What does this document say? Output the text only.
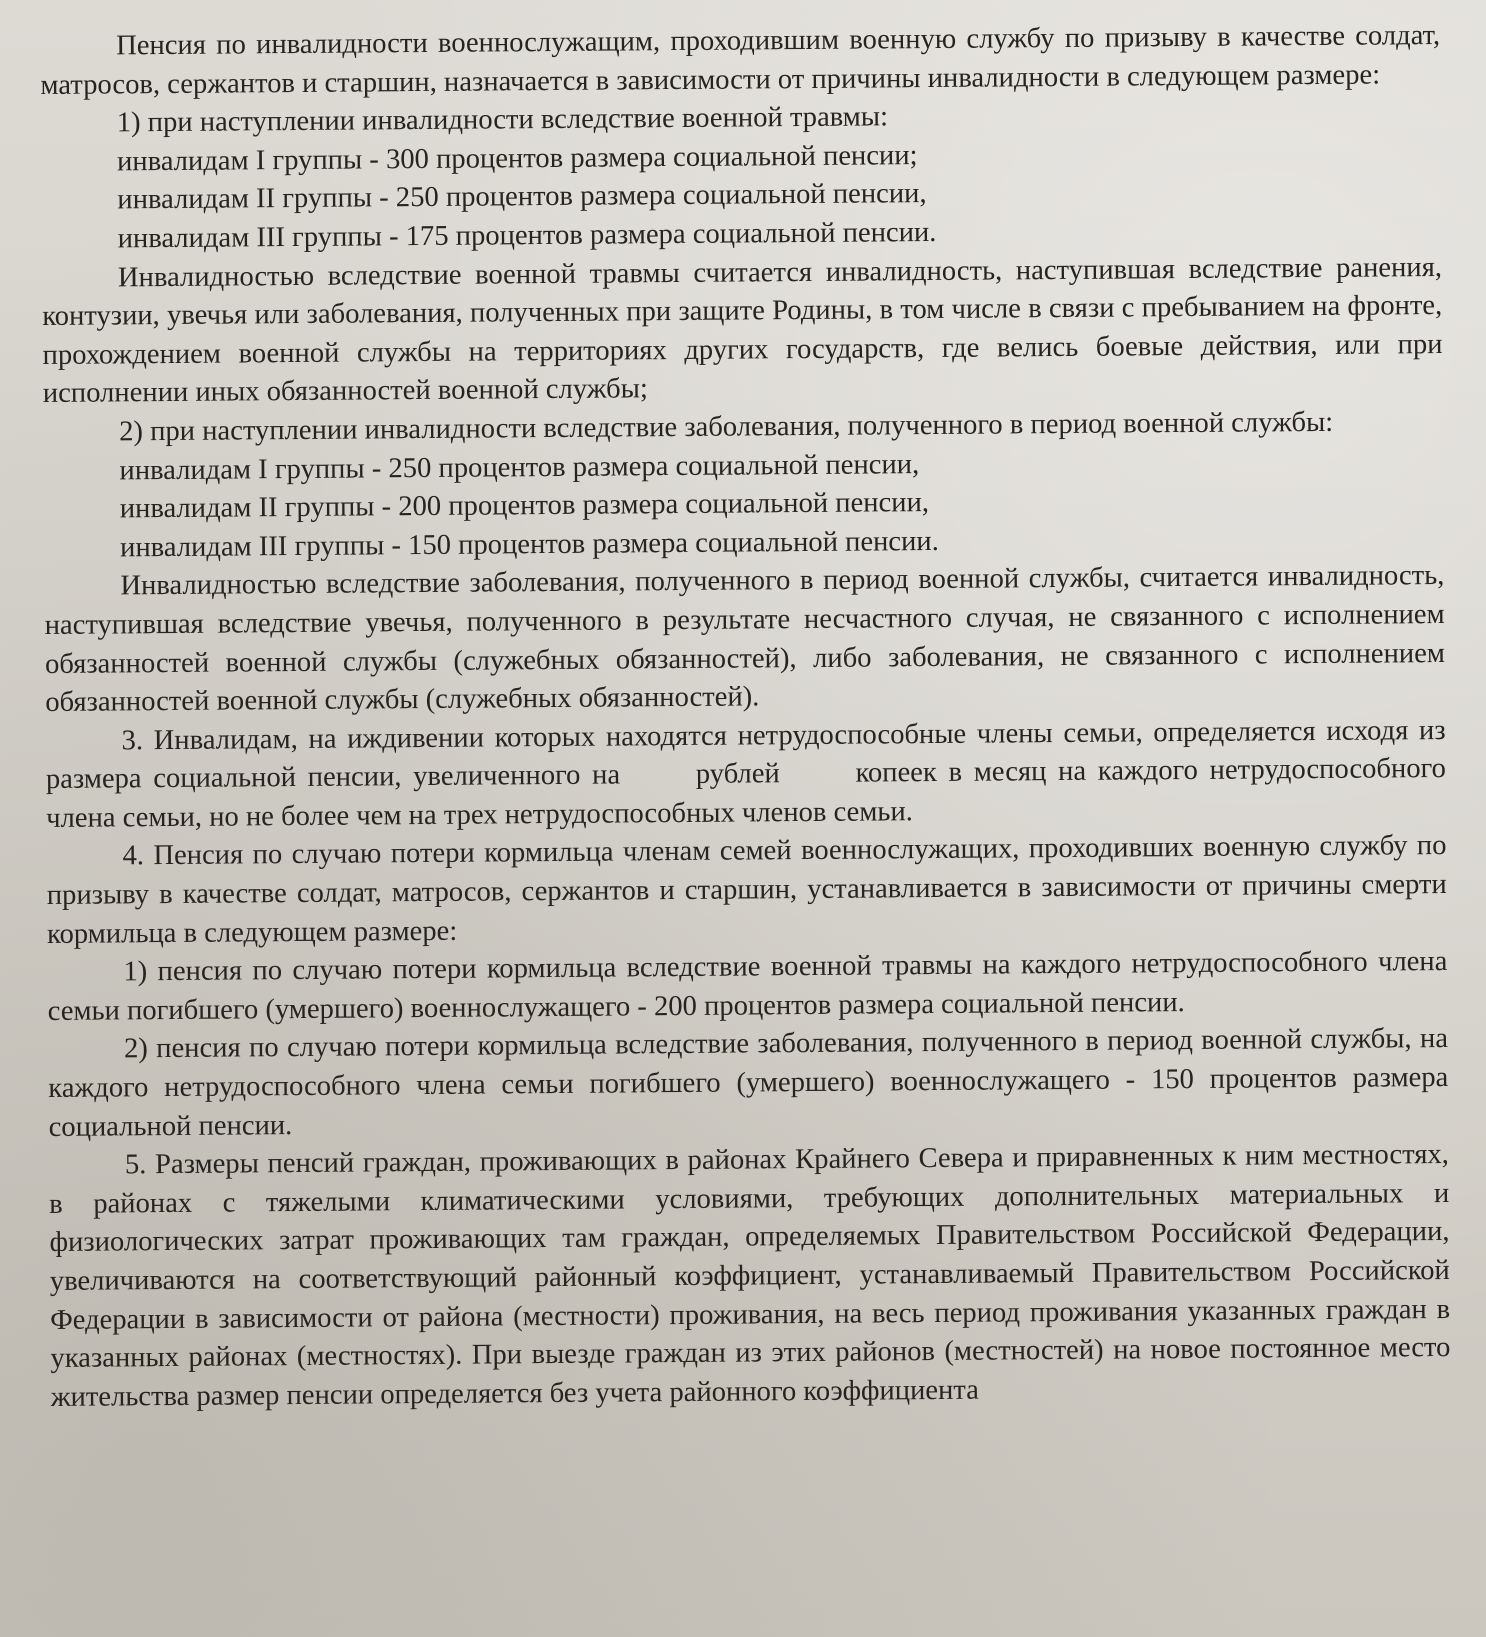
Пенсия по инвалидности военнослужащим, проходившим военную службу по призыву в качестве солдат, матросов, сержантов и старшин, назначается в зависимости от причины инвалидности в следующем размере:

1) при наступлении инвалидности вследствие военной травмы:

инвалидам I группы - 300 процентов размера социальной пенсии;

инвалидам II группы - 250 процентов размера социальной пенсии,

инвалидам III группы - 175 процентов размера социальной пенсии.

Инвалидностью вследствие военной травмы считается инвалидность, наступившая вследствие ранения, контузии, увечья или заболевания, полученных при защите Родины, в том числе в связи с пребыванием на фронте, прохождением военной службы на территориях других государств, где велись боевые действия, или при исполнении иных обязанностей военной службы;

2) при наступлении инвалидности вследствие заболевания, полученного в период военной службы:

инвалидам I группы - 250 процентов размера социальной пенсии,

инвалидам II группы - 200 процентов размера социальной пенсии,

инвалидам III группы - 150 процентов размера социальной пенсии.

Инвалидностью вследствие заболевания, полученного в период военной службы, считается инвалидность, наступившая вследствие увечья, полученного в результате несчастного случая, не связанного с исполнением обязанностей военной службы (служебных обязанностей), либо заболевания, не связанного с исполнением обязанностей военной службы (служебных обязанностей).

3. Инвалидам, на иждивении которых находятся нетрудоспособные члены семьи, определяется исходя из размера социальной пенсии, увеличенного на	рублей	копеек в месяц на каждого нетрудоспособного члена семьи, но не более чем на трех нетрудоспособных членов семьи.

4. Пенсия по случаю потери кормильца членам семей военнослужащих, проходивших военную службу по призыву в качестве солдат, матросов, сержантов и старшин, устанавливается в зависимости от причины смерти кормильца в следующем размере:

1) пенсия по случаю потери кормильца вследствие военной травмы на каждого нетрудоспособного члена семьи погибшего (умершего) военнослужащего - 200 процентов размера социальной пенсии.

2) пенсия по случаю потери кормильца вследствие заболевания, полученного в период военной службы, на каждого нетрудоспособного члена семьи погибшего (умершего) военнослужащего - 150 процентов размера социальной пенсии.

5. Размеры пенсий граждан, проживающих в районах Крайнего Севера и приравненных к ним местностях, в районах с тяжелыми климатическими условиями, требующих дополнительных материальных и физиологических затрат проживающих там граждан, определяемых Правительством Российской Федерации, увеличиваются на соответствующий районный коэффициент, устанавливаемый Правительством Российской Федерации в зависимости от района (местности) проживания, на весь период проживания указанных граждан в указанных районах (местностях). При выезде граждан из этих районов (местностей) на новое постоянное место жительства размер пенсии определяется без учета районного коэффициента
